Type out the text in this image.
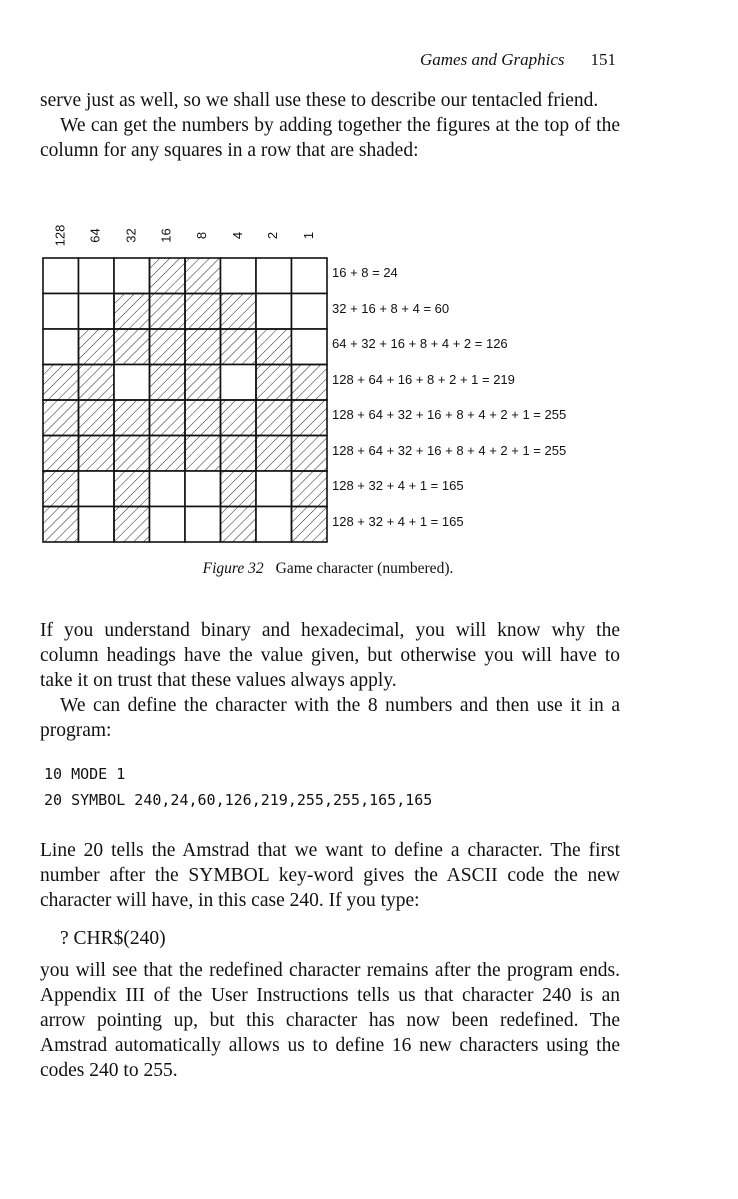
Games and Graphics 151

serve just as well, so we shall use these to describe our tentacled friend.

We can get the numbers by adding together the figures at the top of the column for any squares in a row that are shaded:

128 64 32 16 8 4 2 1
16 + 8 = 24
32 + 16 + 8 + 4 = 60
64 + 32 + 16 + 8 + 4 + 2 = 126
128 + 64 + 16 + 8 + 2 + 1 = 219
128 + 64 + 32 + 16 + 8 + 4 + 2 + 1 = 255
128 + 64 + 32 + 16 + 8 + 4 + 2 + 1 = 255
128 + 32 + 4 + 1 = 165
128 + 32 + 4 + 1 = 165
Figure 32 Game character (numbered).

If you understand binary and hexadecimal, you will know why the column headings have the value given, but otherwise you will have to take it on trust that these values always apply.

We can define the character with the 8 numbers and then use it in a program:

10 MODE 1
20 SYMBOL 240,24,60,126,219,255,255,165,165

Line 20 tells the Amstrad that we want to define a character. The first number after the SYMBOL key-word gives the ASCII code the new character will have, in this case 240. If you type:

? CHR$(240)

you will see that the redefined character remains after the program ends. Appendix III of the User Instructions tells us that character 240 is an arrow pointing up, but this character has now been redefined. The Amstrad automatically allows us to define 16 new characters using the codes 240 to 255.
